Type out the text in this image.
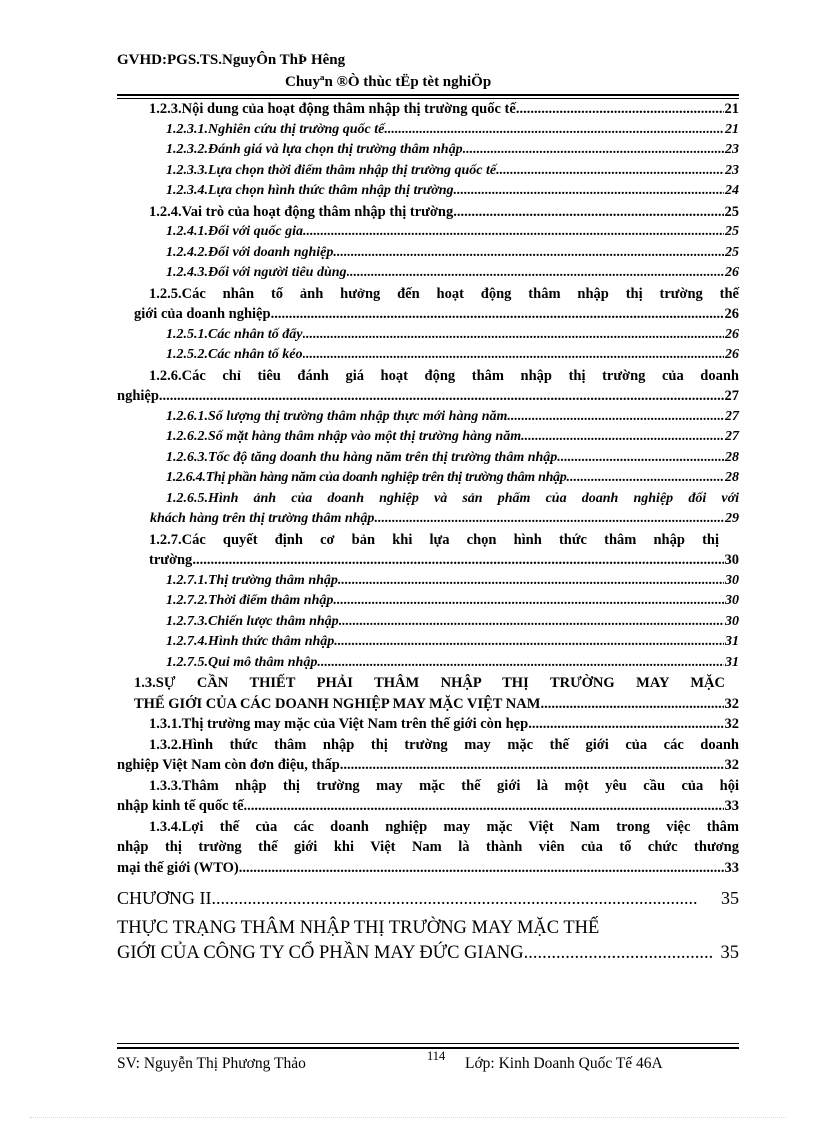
GVHD:PGS.TS.NguyÔn ThÞ Hêng
Chuyªn ®Ò thùc tËp tèt nghiÖp
1.2.3.Nội dung của hoạt động thâm nhập thị trường quốc tế .....	21
1.2.3.1.Nghiên cứu thị trường quốc tế .....	21
1.2.3.2.Đánh giá và lựa chọn thị trường thâm nhập .....	23
1.2.3.3.Lựa chọn thời điểm thâm nhập thị trường quốc tế .....	23
1.2.3.4.Lựa chọn hình thức thâm nhập thị trường .....	24
1.2.4.Vai trò của hoạt động thâm nhập thị trường .....	25
1.2.4.1.Đối với quốc gia .....	25
1.2.4.2.Đối với doanh nghiệp .....	25
1.2.4.3.Đối với người tiêu dùng .....	26
1.2.5.Các nhân tố ảnh hưởng đến hoạt động thâm nhập thị trường thế
giới của doanh nghiệp .....	26
1.2.5.1.Các nhân tố đẩy .....	26
1.2.5.2.Các nhân tố kéo .....	26
1.2.6.Các chỉ tiêu đánh giá hoạt động thâm nhập thị trường của doanh
nghiệp .....	27
1.2.6.1.Số lượng thị trường thâm nhập thực mới hàng năm .....	27
1.2.6.2.Số mặt hàng thâm nhập vào một thị trường hàng năm .....	27
1.2.6.3.Tốc độ tăng doanh thu hàng năm trên thị trường thâm nhập .....	28
1.2.6.4.Thị phần hàng năm của doanh nghiệp trên thị trường thâm nhập .....	28
1.2.6.5.Hình ảnh của doanh nghiệp và sản phẩm của doanh nghiệp đối với
khách hàng trên thị trường thâm nhập .....	29
1.2.7.Các quyết định cơ bản khi lựa chọn hình thức thâm nhập thị
trường .....	30
1.2.7.1.Thị trường thâm nhập .....	30
1.2.7.2.Thời điểm thâm nhập .....	30
1.2.7.3.Chiến lược thâm nhập .....	30
1.2.7.4.Hình thức thâm nhập .....	31
1.2.7.5.Qui mô thâm nhập .....	31
1.3.SỰ CẦN THIẾT PHẢI THÂM NHẬP THỊ TRƯỜNG MAY MẶC
THẾ GIỚI CỦA CÁC DOANH NGHIỆP MAY MẶC VIỆT NAM .....	32
1.3.1.Thị trường may mặc của Việt Nam trên thế giới còn hẹp .....	32
1.3.2.Hình thức thâm nhập thị trường may mặc thế giới của các doanh
nghiệp Việt Nam còn đơn điệu, thấp. .....	32
1.3.3.Thâm nhập thị trường may mặc thế giới là một yêu cầu của hội
nhập kinh tế quốc tế .....	33
1.3.4.Lợi thế của các doanh nghiệp may mặc Việt Nam trong việc thâm
nhập thị trường thế giới khi Việt Nam là thành viên của tổ chức thương
mại thế giới (WTO) .....	33
CHƯƠNG II .....	35
THỰC TRẠNG THÂM NHẬP THỊ TRƯỜNG MAY MẶC THẾ
GIỚI CỦA CÔNG TY CỔ PHẦN MAY ĐỨC GIANG .....	35
SV: Nguyễn Thị Phương Thảo	114 Lớp: Kinh Doanh Quốc Tế 46A
